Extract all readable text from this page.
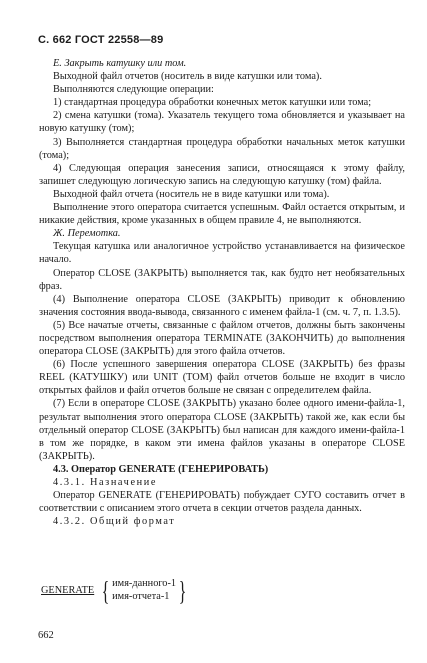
С. 662 ГОСТ 22558—89

Е. Закрыть катушку или том.

Выходной файл отчетов (носитель в виде катушки или тома).

Выполняются следующие операции:

1) стандартная процедура обработки конечных меток катушки или тома;

2) смена катушки (тома). Указатель текущего тома обновляется и указывает на новую катушку (том);

3) Выполняется стандартная процедура обработки начальных меток катушки (тома);

4) Следующая операция занесения записи, относящаяся к этому файлу, запишет следующую логическую запись на следующую катушку (том) файла.

Выходной файл отчета (носитель не в виде катушки или тома).

Выполнение этого оператора считается успешным. Файл остается открытым, и никакие действия, кроме указанных в общем правиле 4, не выполняются.

Ж. Перемотка.

Текущая катушка или аналогичное устройство устанавливается на физическое начало.

Оператор CLOSE (ЗАКРЫТЬ) выполняется так, как будто нет необязательных фраз.

(4) Выполнение оператора CLOSE (ЗАКРЫТЬ) приводит к обновлению значения состояния ввода-вывода, связанного с именем файла-1 (см. ч. 7, п. 1.3.5).

(5) Все начатые отчеты, связанные с файлом отчетов, должны быть закончены посредством выполнения оператора TERMINATE (ЗАКОНЧИТЬ) до выполнения оператора CLOSE (ЗАКРЫТЬ) для этого файла отчетов.

(6) После успешного завершения оператора CLOSE (ЗАКРЫТЬ) без фразы REEL (КАТУШКУ) или UNIT (ТОМ) файл отчетов больше не входит в число открытых файлов и файл отчетов больше не связан с определителем файла.

(7) Если в операторе CLOSE (ЗАКРЫТЬ) указано более одного имени-файла-1, результат выполнения этого оператора CLOSE (ЗАКРЫТЬ) такой же, как если бы отдельный оператор CLOSE (ЗАКРЫТЬ) был написан для каждого имени-файла-1 в том же порядке, в каком эти имена файлов указаны в операторе CLOSE (ЗАКРЫТЬ).

4.3. Оператор GENERATE (ГЕНЕРИРОВАТЬ)

4.3.1. Назначение

Оператор GENERATE (ГЕНЕРИРОВАТЬ) побуждает СУГО составить отчет в соответствии с описанием этого отчета в секции отчетов раздела данных.

4.3.2. Общий формат

GENERATE { имя-данного-1
имя-отчета-1 }
662
